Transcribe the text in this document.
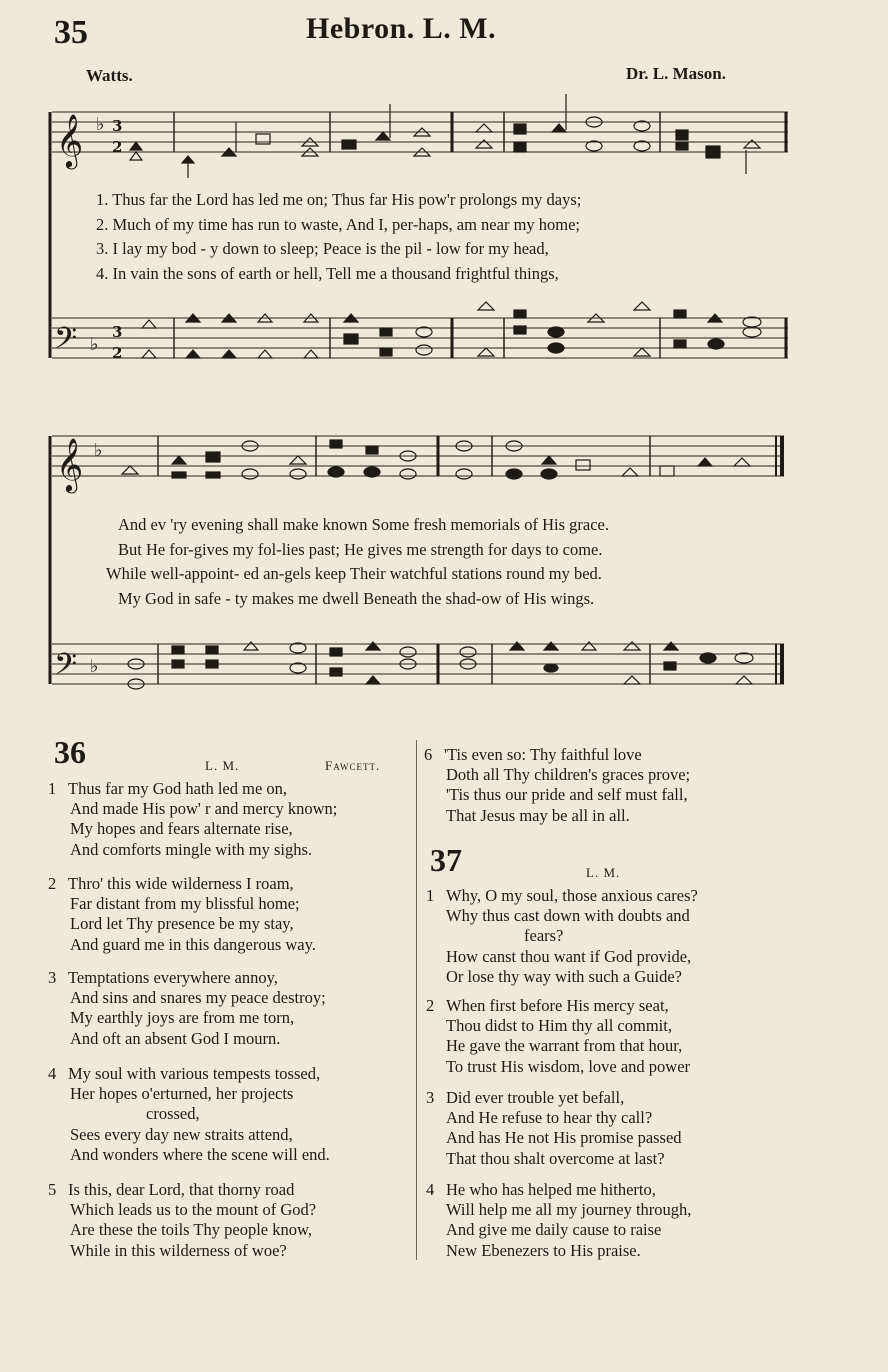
35	Hebron. L. M.
Watts.	Dr. L. Mason.
𝄞
𝄞
𝄢
𝄢
♭
♭
♭
♭
3
2
3
2
1. Thus far the Lord has led me on; Thus far His pow'r prolongs my days;
2. Much of my time has run to waste, And I, per-haps, am near my home;
3. I lay my bod - y down to sleep; Peace is the pil - low for my head,
4. In vain the sons of earth or hell, Tell me a thousand frightful things,
And ev 'ry evening shall make known Some fresh memorials of His grace.
But He for-gives my fol-lies past; He gives me strength for days to come.
While well-appoint- ed an-gels keep Their watchful stations round my bed.
My God in safe - ty makes me dwell Beneath the shad-ow of His wings.
36	L. M.	Fawcett.
1 Thus far my God hath led me on,
And made His pow' r and mercy known;
My hopes and fears alternate rise,
And comforts mingle with my sighs.
2 Thro' this wide wilderness I roam,
Far distant from my blissful home;
Lord let Thy presence be my stay,
And guard me in this dangerous way.
3 Temptations everywhere annoy,
And sins and snares my peace destroy;
My earthly joys are from me torn,
And oft an absent God I mourn.
4 My soul with various tempests tossed,
Her hopes o'erturned, her projects
crossed,
Sees every day new straits attend,
And wonders where the scene will end.
5 Is this, dear Lord, that thorny road
Which leads us to the mount of God?
Are these the toils Thy people know,
While in this wilderness of woe?
6 'Tis even so: Thy faithful love
Doth all Thy children's graces prove;
'Tis thus our pride and self must fall,
That Jesus may be all in all.
37	L. M.
1 Why, O my soul, those anxious cares?
Why thus cast down with doubts and
fears?
How canst thou want if God provide,
Or lose thy way with such a Guide?
2 When first before His mercy seat,
Thou didst to Him thy all commit,
He gave the warrant from that hour,
To trust His wisdom, love and power
3 Did ever trouble yet befall,
And He refuse to hear thy call?
And has He not His promise passed
That thou shalt overcome at last?
4 He who has helped me hitherto,
Will help me all my journey through,
And give me daily cause to raise
New Ebenezers to His praise.
